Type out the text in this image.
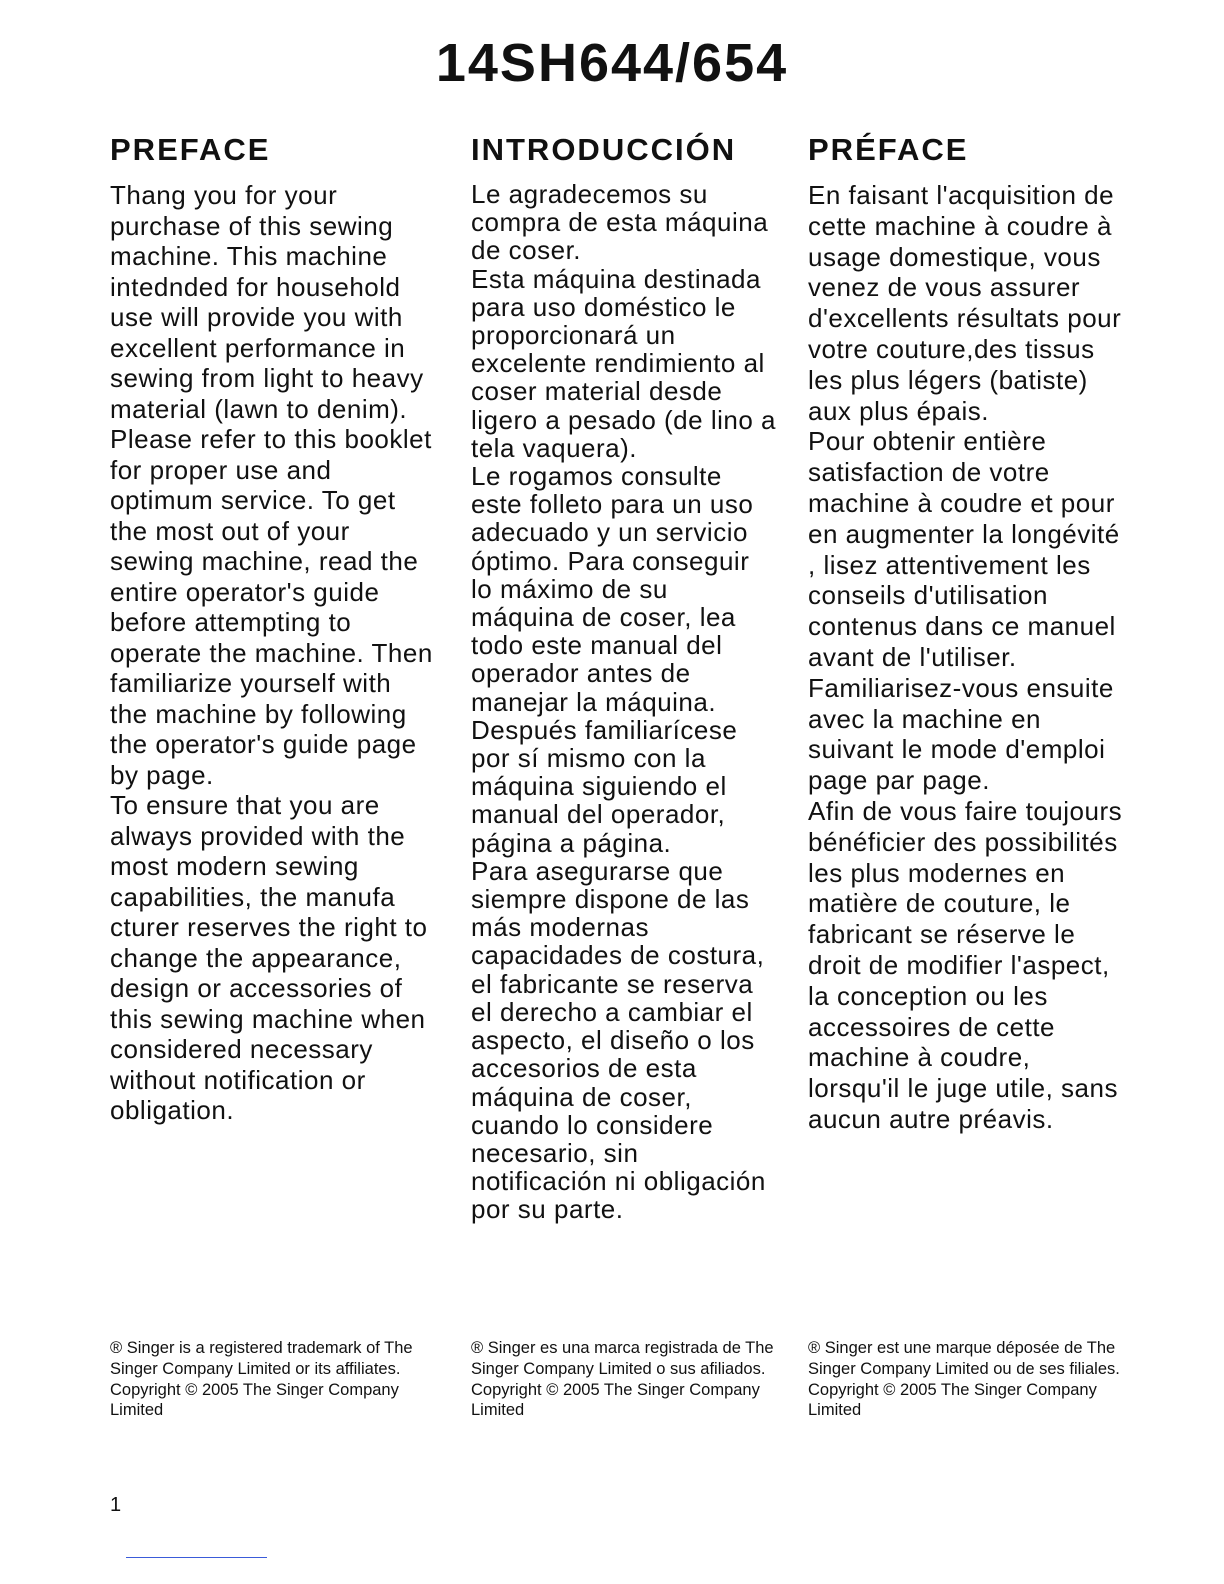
14SH644/654
PREFACE
Thang you for your purchase of this sewing machine. This machine intednded for household use will provide you with excellent performance in sewing from light to heavy material (lawn to denim).
Please refer to this booklet for proper use and optimum service. To get the most out of your sewing machine, read the entire operator's guide before attempting to operate the machine. Then familiarize yourself with the machine by following the operator's guide page by page.
To ensure that you are always provided with the most modern sewing capabilities, the manufa cturer reserves the right to change the appearance, design or accessories of this sewing machine when considered necessary without notification or obligation.
INTRODUCCIÓN
Le agradecemos su compra de esta máquina de coser.
Esta máquina destinada para uso doméstico le proporcionará un excelente rendimiento al coser material desde ligero a pesado (de lino a tela vaquera).
Le rogamos consulte este folleto para un uso adecuado y un servicio óptimo. Para conseguir lo máximo de su máquina de coser, lea todo este manual del operador antes de manejar la máquina. Después familiarícese por sí mismo con la máquina siguiendo el manual del operador, página a página.
Para asegurarse que siempre dispone de las más modernas capacidades de costura, el fabricante se reserva el derecho a cambiar el aspecto, el diseño o los accesorios de esta máquina de coser, cuando lo considere necesario, sin notificación ni obligación por su parte.
PRÉFACE
En faisant l'acquisition de cette machine à coudre à usage domestique, vous venez de vous assurer d'excellents résultats pour votre couture,des tissus les plus légers (batiste) aux plus épais.
Pour obtenir entière satisfaction de votre machine à coudre et pour en augmenter la longévité , lisez attentivement les conseils d'utilisation contenus dans ce manuel avant de l'utiliser.
Familiarisez-vous ensuite avec la machine en suivant le mode d'emploi page par page.
Afin de vous faire toujours bénéficier des possibilités les plus modernes en matière de couture, le fabricant se réserve le droit de modifier l'aspect, la conception ou les accessoires de cette machine à coudre, lorsqu'il le juge utile, sans aucun autre préavis.
® Singer is a registered trademark of The Singer Company Limited or its affiliates.
Copyright © 2005 The Singer Company Limited
® Singer es una marca registrada de The Singer Company Limited o sus afiliados.
Copyright © 2005 The Singer Company Limited
® Singer est une marque déposée de The Singer Company Limited ou de ses filiales.
Copyright © 2005 The Singer Company Limited
1
